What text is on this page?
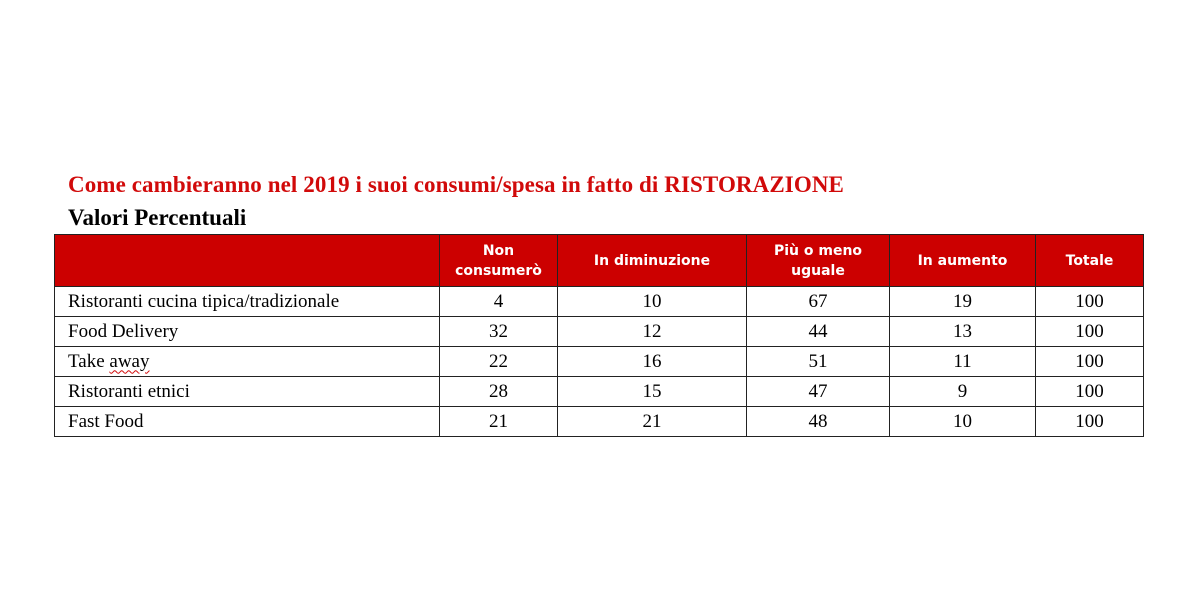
Come cambieranno nel 2019 i suoi consumi/spesa in fatto di RISTORAZIONE
Valori Percentuali
	Non consumerò	In diminuzione	Più o meno uguale	In aumento	Totale
Ristoranti cucina tipica/tradizionale	4	10	67	19	100
Food Delivery	32	12	44	13	100
Take away	22	16	51	11	100
Ristoranti etnici	28	15	47	9	100
Fast Food	21	21	48	10	100
